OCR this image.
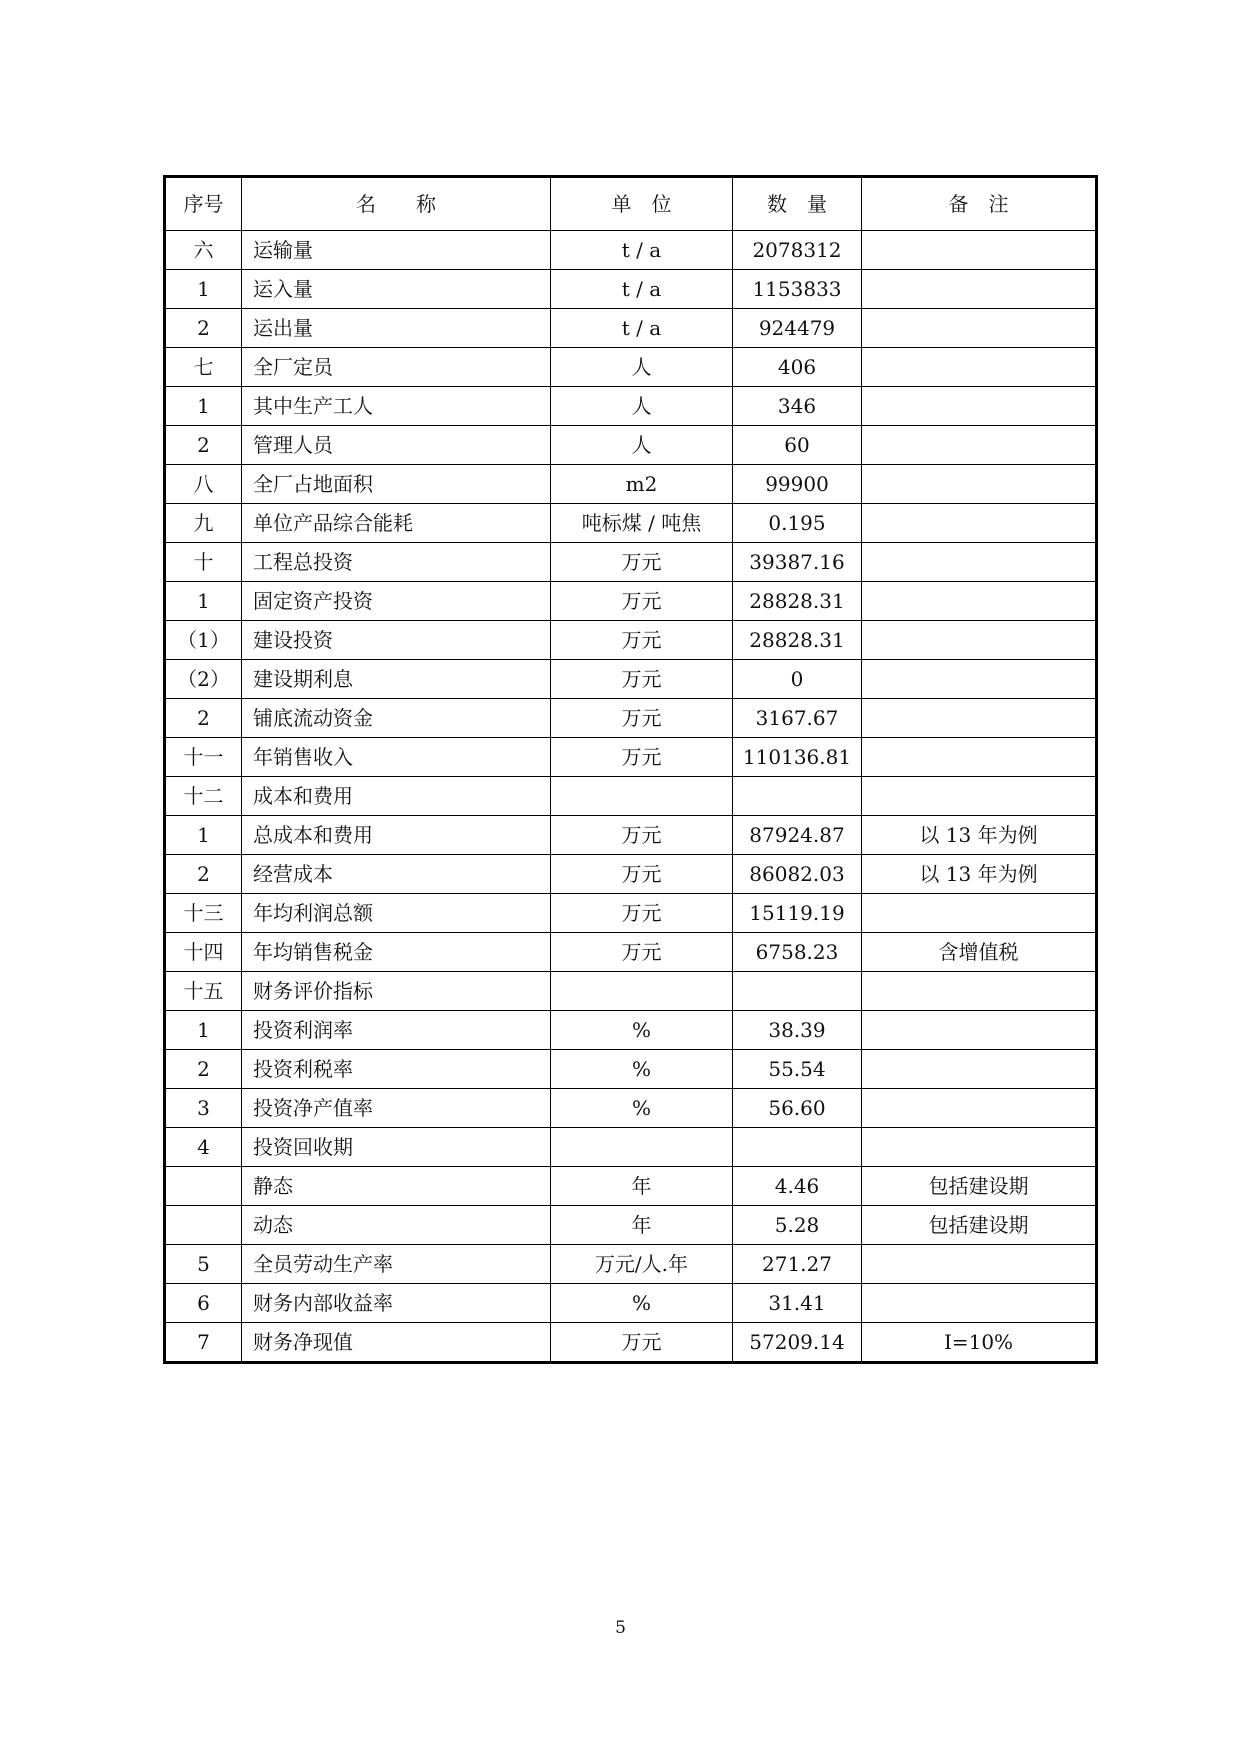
序号	名　　称	单　位	数　量	备　注
六	运输量	t / a	2078312	
1	运入量	t / a	1153833	
2	运出量	t / a	924479	
七	全厂定员	人	406	
1	其中生产工人	人	346	
2	管理人员	人	60	
八	全厂占地面积	m2	99900	
九	单位产品综合能耗	吨标煤 / 吨焦	0.195	
十	工程总投资	万元	39387.16	
1	固定资产投资	万元	28828.31	
（1）	建设投资	万元	28828.31	
（2）	建设期利息	万元	0	
2	铺底流动资金	万元	3167.67	
十一	年销售收入	万元	110136.81	
十二	成本和费用			
1	总成本和费用	万元	87924.87	以 13 年为例
2	经营成本	万元	86082.03	以 13 年为例
十三	年均利润总额	万元	15119.19	
十四	年均销售税金	万元	6758.23	含增值税
十五	财务评价指标			
1	投资利润率	%	38.39	
2	投资利税率	%	55.54	
3	投资净产值率	%	56.60	
4	投资回收期			
	静态	年	4.46	包括建设期
	动态	年	5.28	包括建设期
5	全员劳动生产率	万元/人.年	271.27	
6	财务内部收益率	%	31.41	
7	财务净现值	万元	57209.14	I=10%
5
